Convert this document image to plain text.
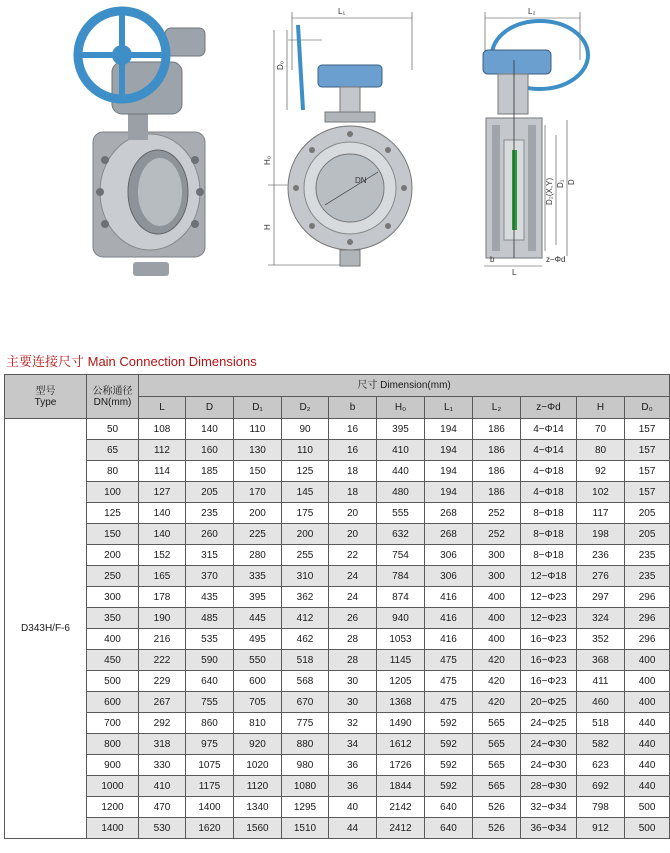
L₁
D₀
H₀
H
DN
L₂
D₂(X,Y) D₁ D
b
L
z−Φd
主要连接尺寸 Main Connection Dimensions
型号
Type	公称通径
DN(mm)	尺寸 Dimension(mm)										
		L	D	D₁	D₂	b	H₀	L₁	L₂	z−Φd	H	D₀
D343H/F-6	50	108	140	110	90	16	395	194	186	4−Φ14	70	157
	65	112	160	130	110	16	410	194	186	4−Φ14	80	157
	80	114	185	150	125	18	440	194	186	4−Φ18	92	157
	100	127	205	170	145	18	480	194	186	4−Φ18	102	157
	125	140	235	200	175	20	555	268	252	8−Φ18	117	205
	150	140	260	225	200	20	632	268	252	8−Φ18	198	205
	200	152	315	280	255	22	754	306	300	8−Φ18	236	235
	250	165	370	335	310	24	784	306	300	12−Φ18	276	235
	300	178	435	395	362	24	874	416	400	12−Φ23	297	296
	350	190	485	445	412	26	940	416	400	12−Φ23	324	296
	400	216	535	495	462	28	1053	416	400	16−Φ23	352	296
	450	222	590	550	518	28	1145	475	420	16−Φ23	368	400
	500	229	640	600	568	30	1205	475	420	16−Φ23	411	400
	600	267	755	705	670	30	1368	475	420	20−Φ25	460	400
	700	292	860	810	775	32	1490	592	565	24−Φ25	518	440
	800	318	975	920	880	34	1612	592	565	24−Φ30	582	440
	900	330	1075	1020	980	36	1726	592	565	24−Φ30	623	440
	1000	410	1175	1120	1080	36	1844	592	565	28−Φ30	692	440
	1200	470	1400	1340	1295	40	2142	640	526	32−Φ34	798	500
	1400	530	1620	1560	1510	44	2412	640	526	36−Φ34	912	500
